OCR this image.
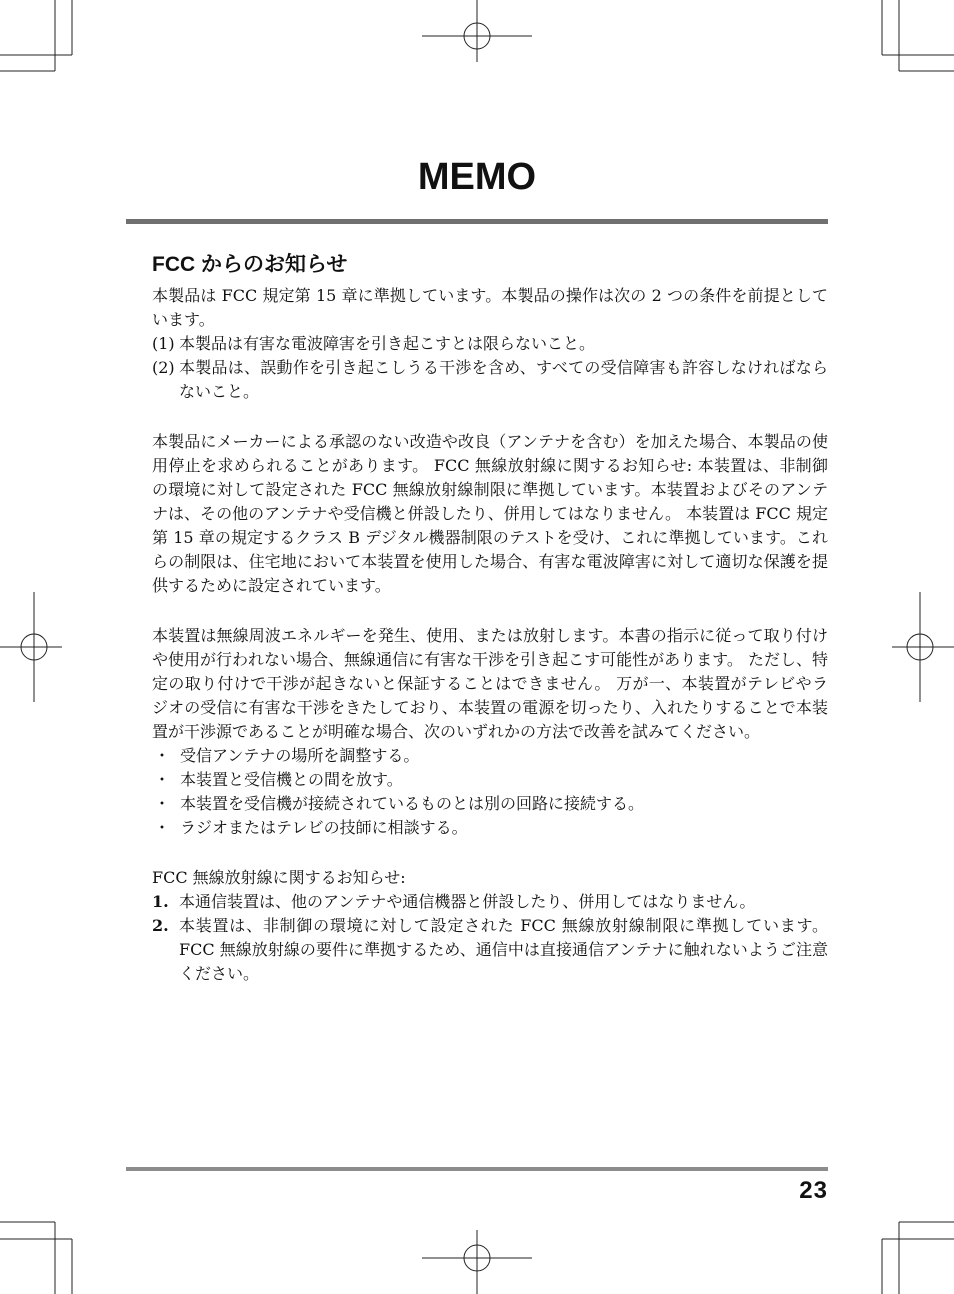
MEMO
FCC からのお知らせ

本製品は FCC 規定第 15 章に準拠しています。本製品の操作は次の 2 つの条件を前提としています。

(1) 本製品は有害な電波障害を引き起こすとは限らないこと。
(2) 本製品は、誤動作を引き起こしうる干渉を含め、すべての受信障害も許容しなければならないこと。

本製品にメーカーによる承認のない改造や改良（アンテナを含む）を加えた場合、本製品の使用停止を求められることがあります。 FCC 無線放射線に関するお知らせ: 本装置は、非制御の環境に対して設定された FCC 無線放射線制限に準拠しています。本装置およびそのアンテナは、その他のアンテナや受信機と併設したり、併用してはなりません。 本装置は FCC 規定第 15 章の規定するクラス B デジタル機器制限のテストを受け、これに準拠しています。これらの制限は、住宅地において本装置を使用した場合、有害な電波障害に対して適切な保護を提供するために設定されています。

本装置は無線周波エネルギーを発生、使用、または放射します。本書の指示に従って取り付けや使用が行われない場合、無線通信に有害な干渉を引き起こす可能性があります。 ただし、特定の取り付けで干渉が起きないと保証することはできません。 万が一、本装置がテレビやラジオの受信に有害な干渉をきたしており、本装置の電源を切ったり、入れたりすることで本装置が干渉源であることが明確な場合、次のいずれかの方法で改善を試みてください。

・ 受信アンテナの場所を調整する。
・ 本装置と受信機との間を放す。
・ 本装置を受信機が接続されているものとは別の回路に接続する。
・ ラジオまたはテレビの技師に相談する。

FCC 無線放射線に関するお知らせ:

1. 本通信装置は、他のアンテナや通信機器と併設したり、併用してはなりません。
2. 本装置は、非制御の環境に対して設定された FCC 無線放射線制限に準拠しています。FCC 無線放射線の要件に準拠するため、通信中は直接通信アンテナに触れないようご注意ください。
23
